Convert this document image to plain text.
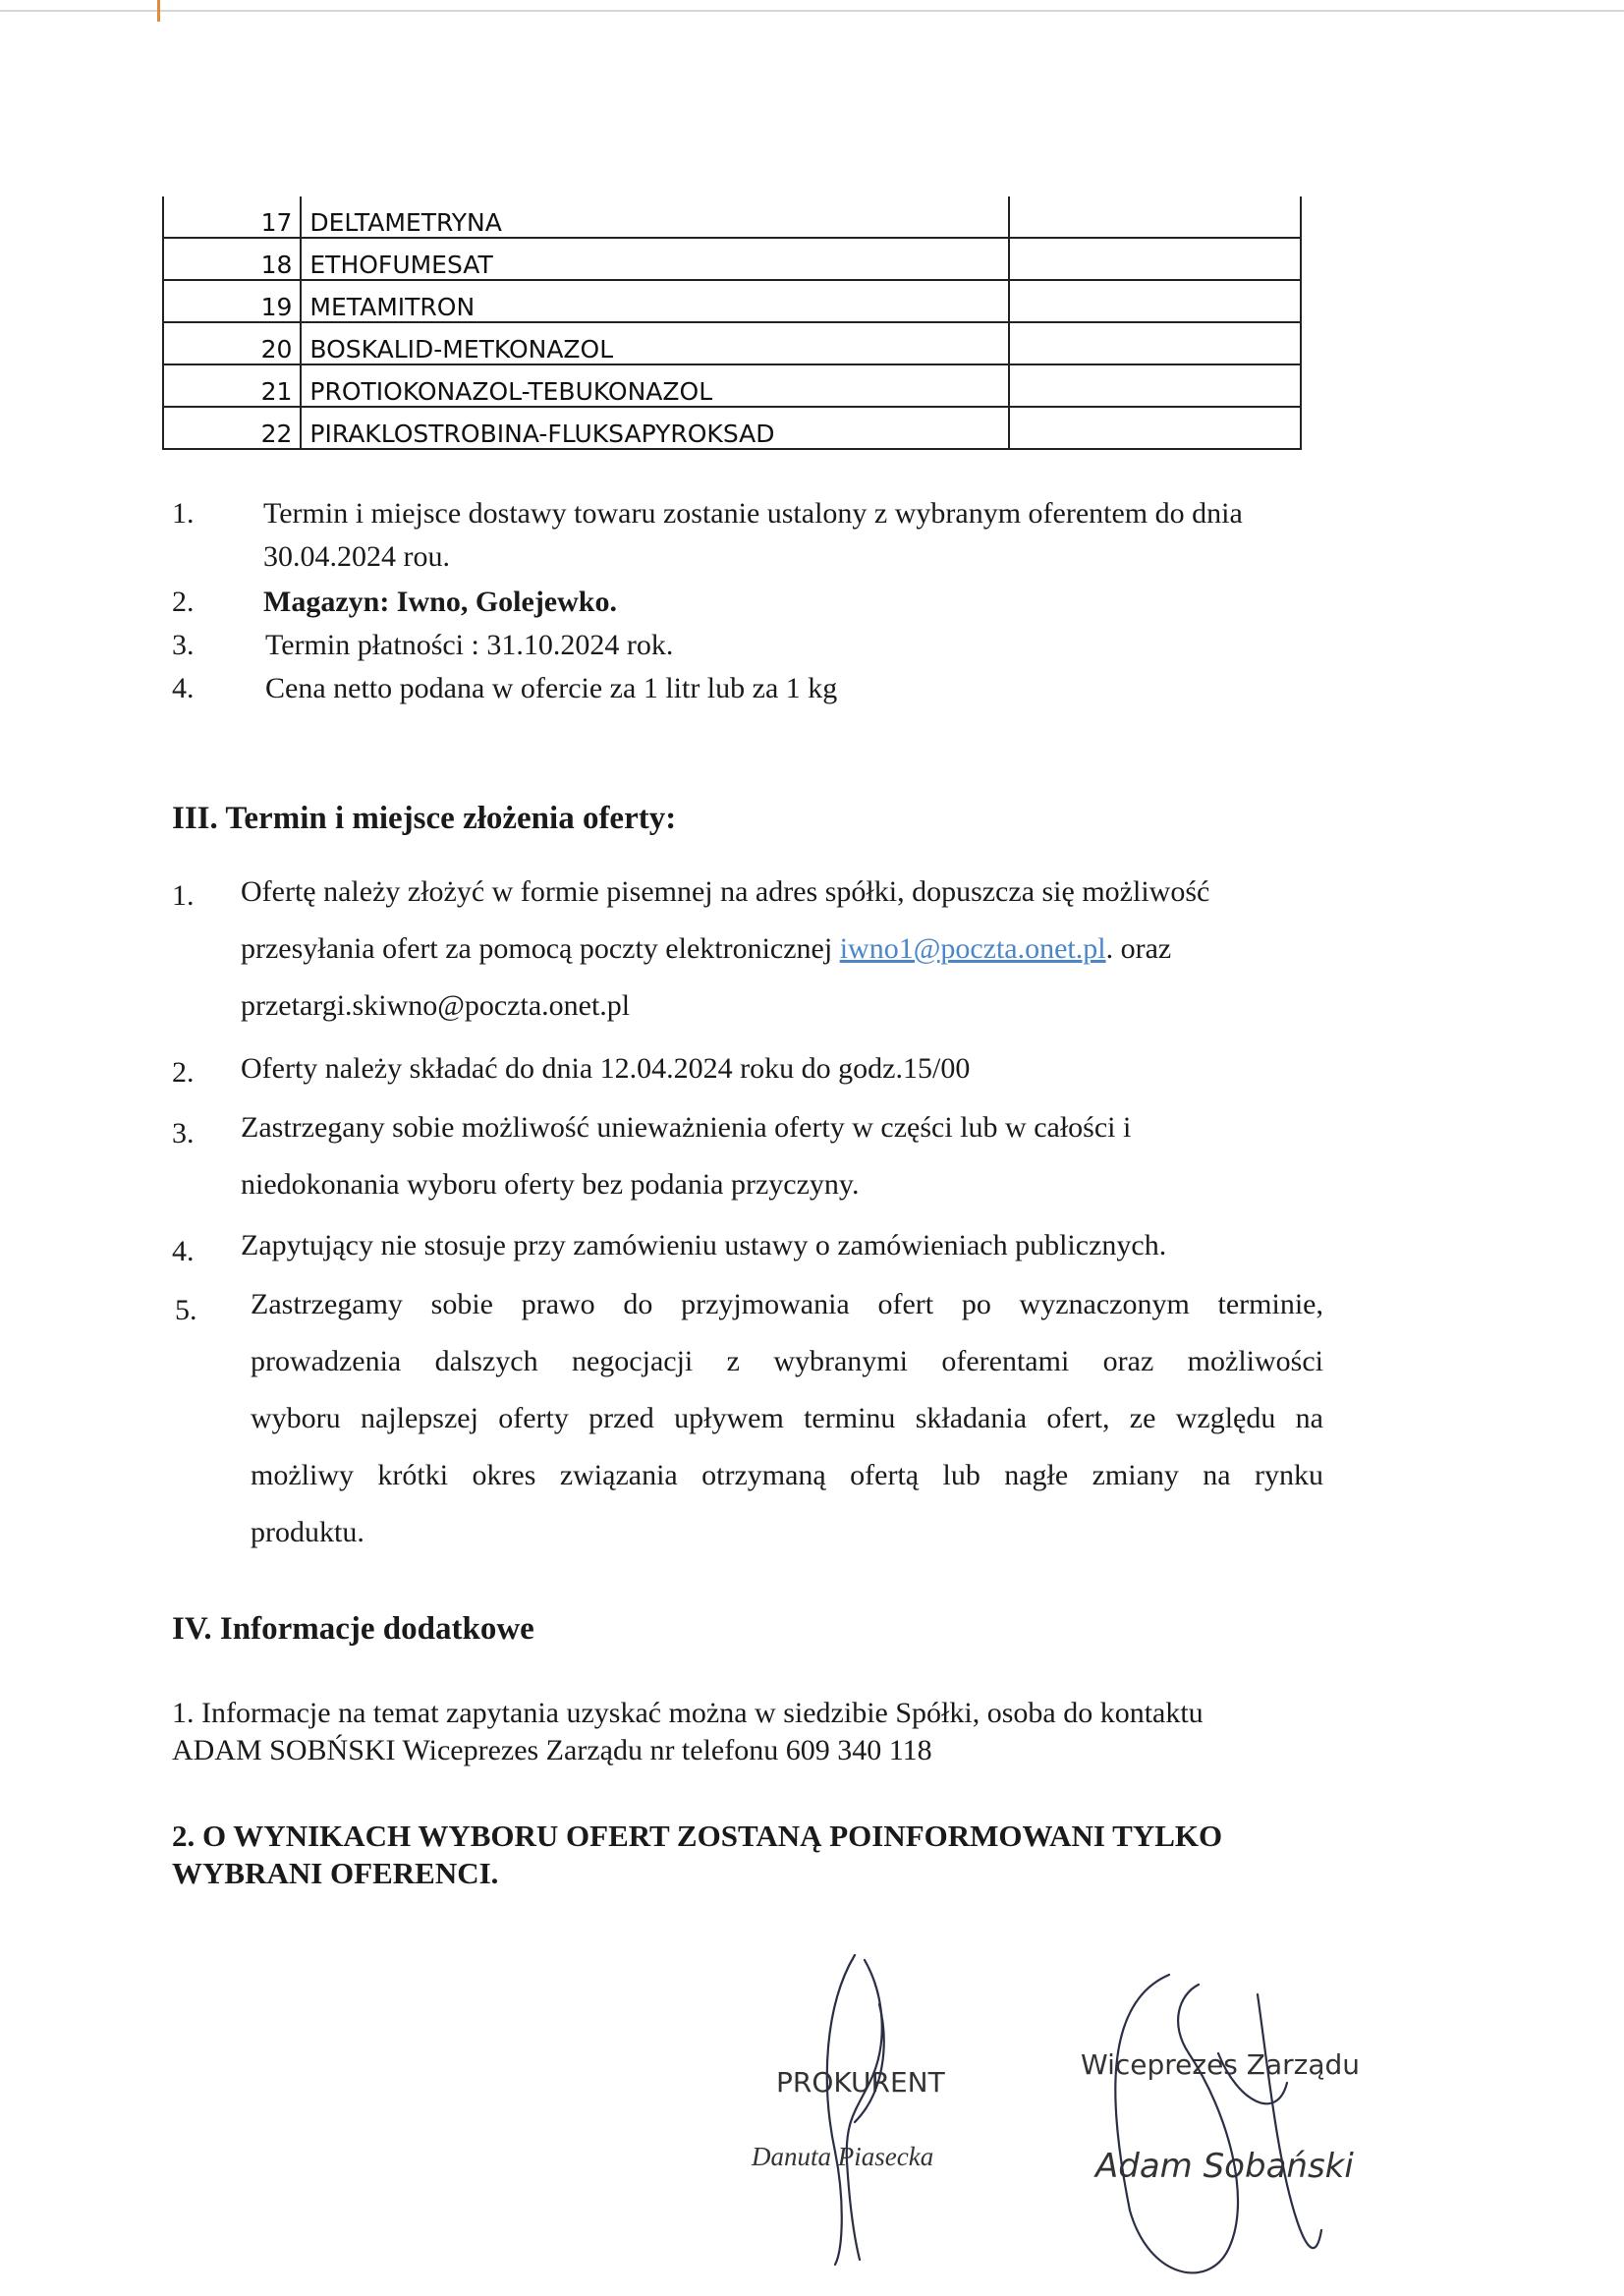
17	DELTAMETRYNA	
18	ETHOFUMESAT	
19	METAMITRON	
20	BOSKALID-METKONAZOL	
21	PROTIOKONAZOL-TEBUKONAZOL	
22	PIRAKLOSTROBINA-FLUKSAPYROKSAD	
1. Termin i miejsce dostawy towaru zostanie ustalony z wybranym oferentem do dnia
30.04.2024 rou.
2. Magazyn: Iwno, Golejewko.
3. Termin płatności : 31.10.2024 rok.
4. Cena netto podana w ofercie za 1 litr lub za 1 kg
III. Termin i miejsce złożenia oferty:
1. Ofertę należy złożyć w formie pisemnej na adres spółki, dopuszcza się możliwość
przesyłania ofert za pomocą poczty elektronicznej iwno1@poczta.onet.pl. oraz
przetargi.skiwno@poczta.onet.pl
2. Oferty należy składać do dnia 12.04.2024 roku do godz.15/00
3. Zastrzegany sobie możliwość unieważnienia oferty w części lub w całości i
niedokonania wyboru oferty bez podania przyczyny.
4. Zapytujący nie stosuje przy zamówieniu ustawy o zamówieniach publicznych.
5. Zastrzegamy sobie prawo do przyjmowania ofert po wyznaczonym terminie,
prowadzenia dalszych negocjacji z wybranymi oferentami oraz możliwości
wyboru najlepszej oferty przed upływem terminu składania ofert, ze względu na
możliwy krótki okres związania otrzymaną ofertą lub nagłe zmiany na rynku
produktu.
IV. Informacje dodatkowe
1. Informacje na temat zapytania uzyskać można w siedzibie Spółki, osoba do kontaktu
ADAM SOBŃSKI Wiceprezes Zarządu nr telefonu 609 340 118
2. O WYNIKACH WYBORU OFERT ZOSTANĄ POINFORMOWANI TYLKO
WYBRANI OFERENCI.
PROKURENT
Danuta Piasecka
Wiceprezes Zarządu
Adam Sobański
